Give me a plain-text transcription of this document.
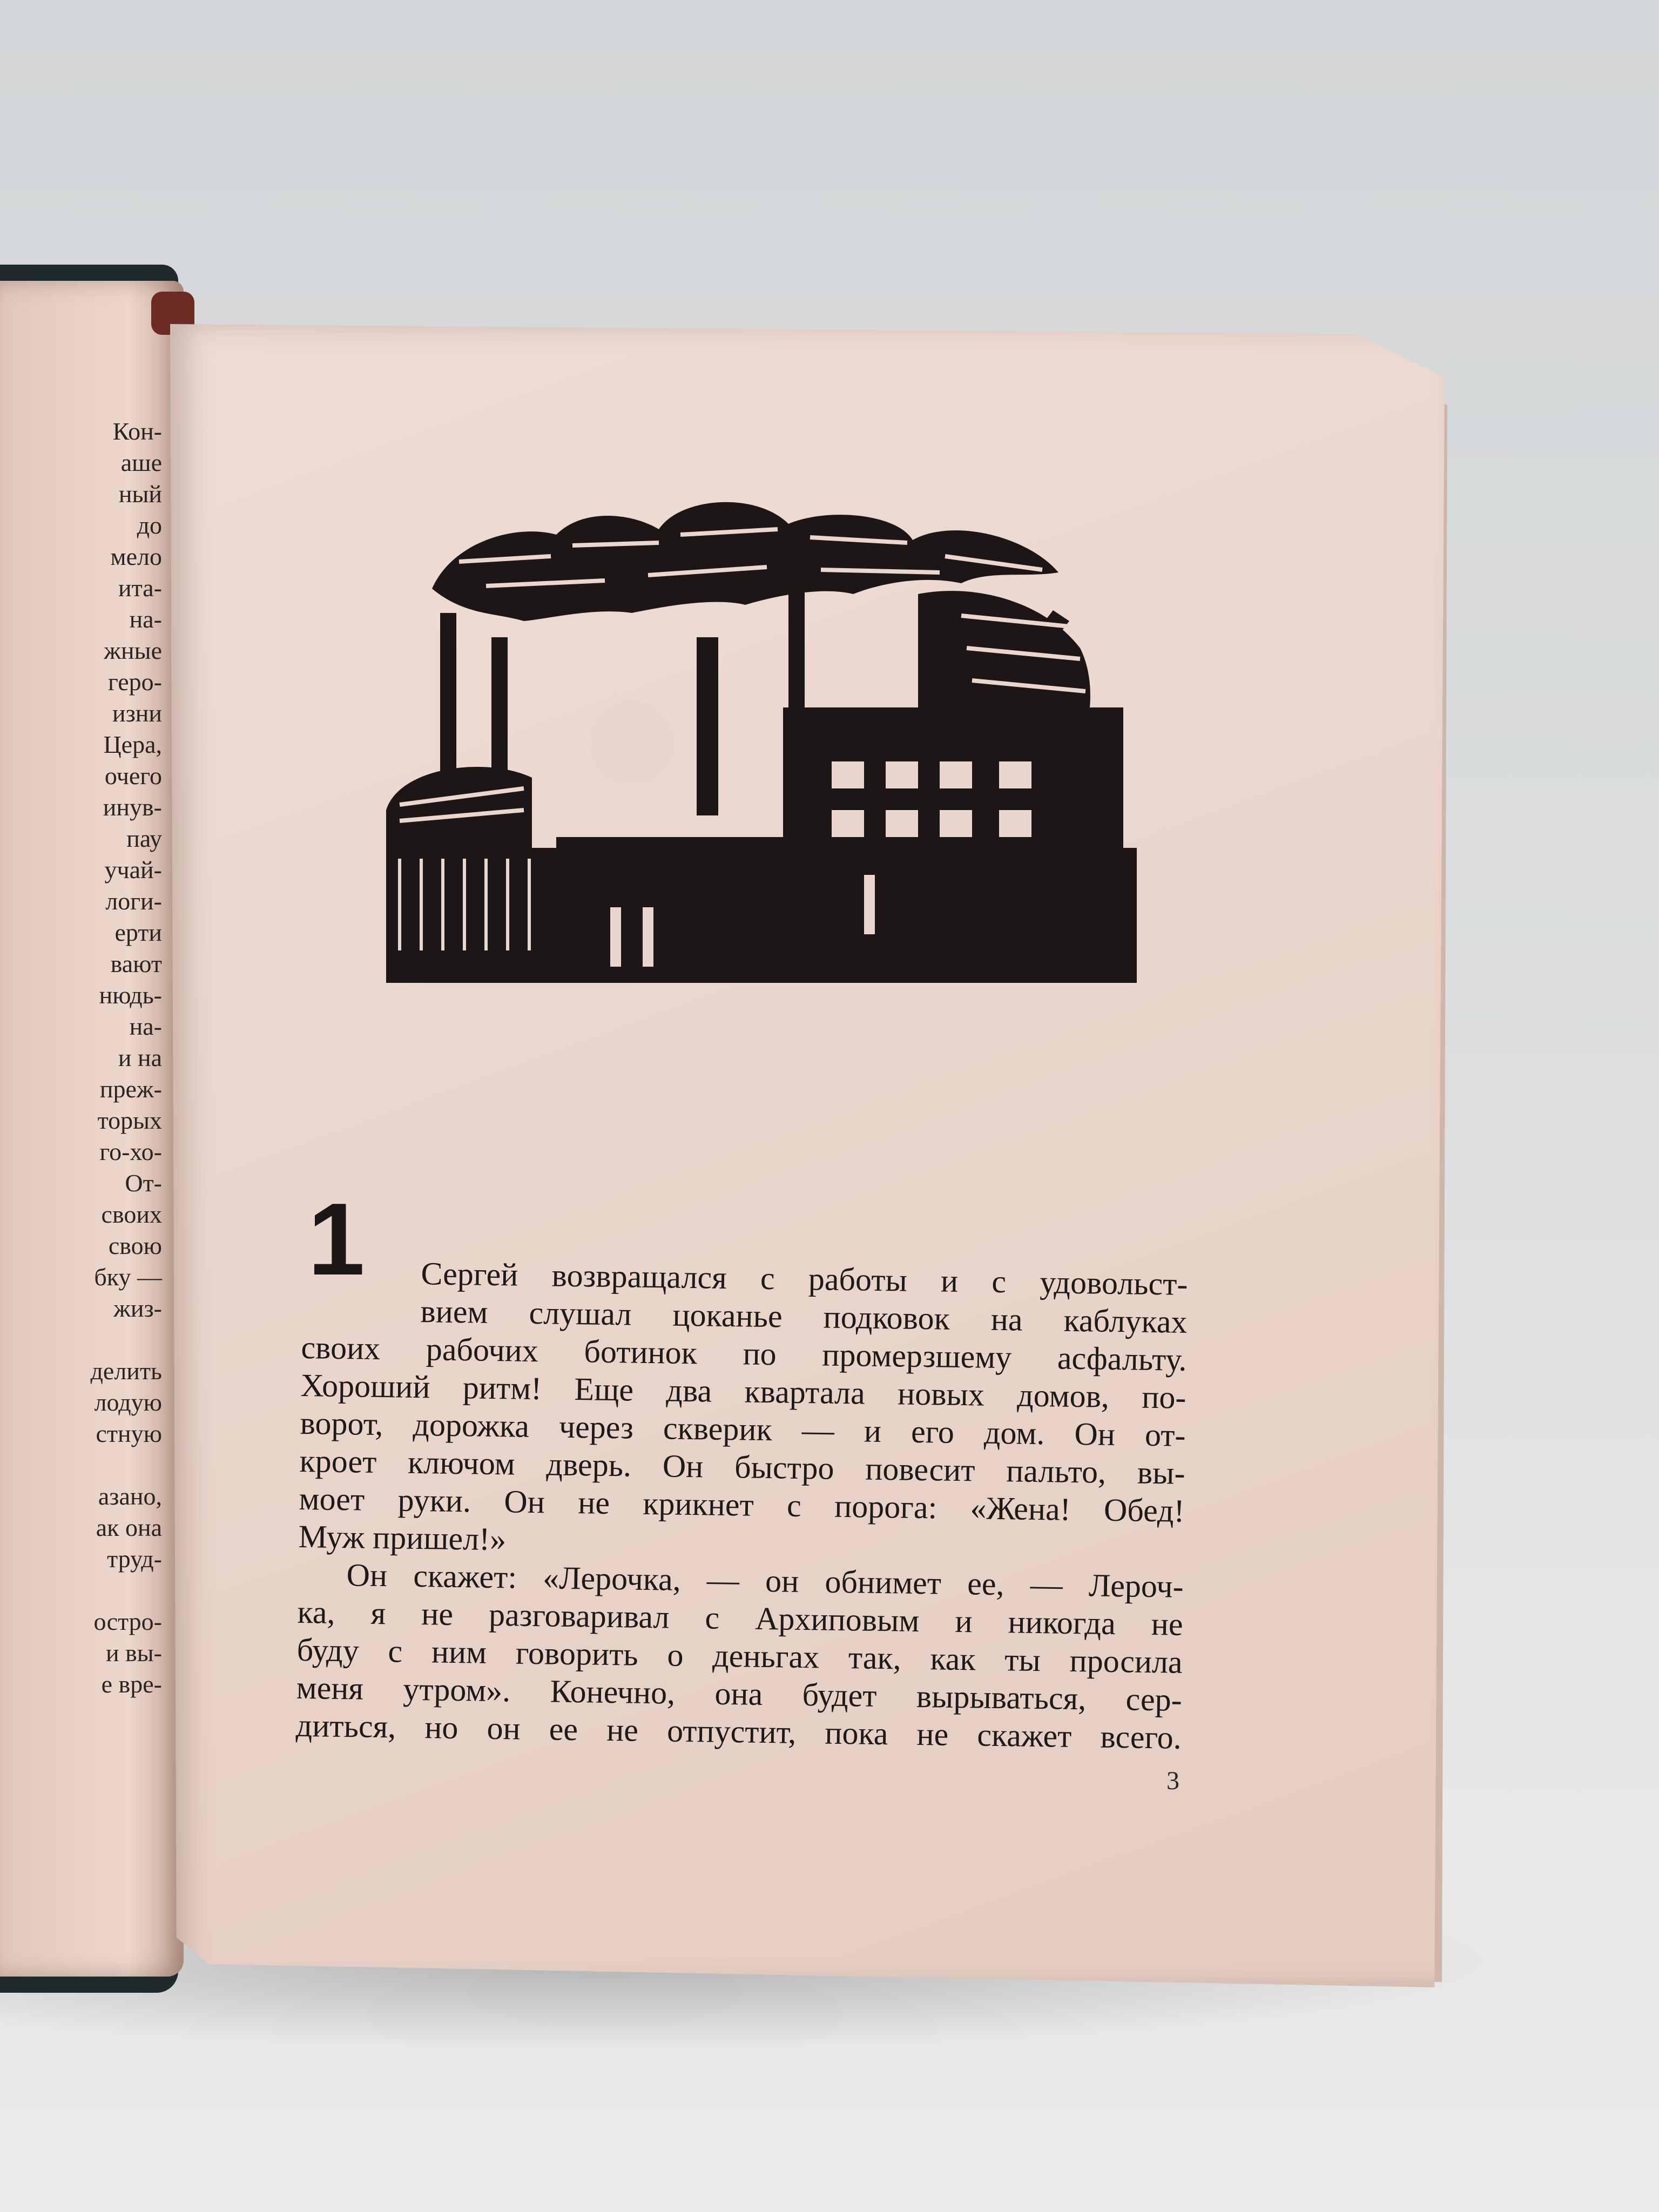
Кон-
аше
ный
до
мело
ита-
на-
жные
геро-
изни
Цера,
очего
инув-
пау
учай-
логи-
ерти
вают
нюдь-
на-
и на
преж-
торых
го-хо-
От-
своих
свою
бку —
жиз-

делить
лодую
стную

азано,
ак она
труд-

остро-
и вы-
е вре-
1	Сергей возвращался с работы и с удовольст-
вием слушал цоканье подковок на каблуках
своих рабочих ботинок по промерзшему асфальту.
Хороший ритм! Еще два квартала новых домов, по-
ворот, дорожка через скверик — и его дом. Он от-
кроет ключом дверь. Он быстро повесит пальто, вы-
моет руки. Он не крикнет с порога: «Жена! Обед!
Муж пришел!»
Он скажет: «Лерочка, — он обнимет ее, — Лероч-
ка, я не разговаривал с Архиповым и никогда не
буду с ним говорить о деньгах так, как ты просила
меня утром». Конечно, она будет вырываться, сер-
диться, но он ее не отпустит, пока не скажет всего.
3
